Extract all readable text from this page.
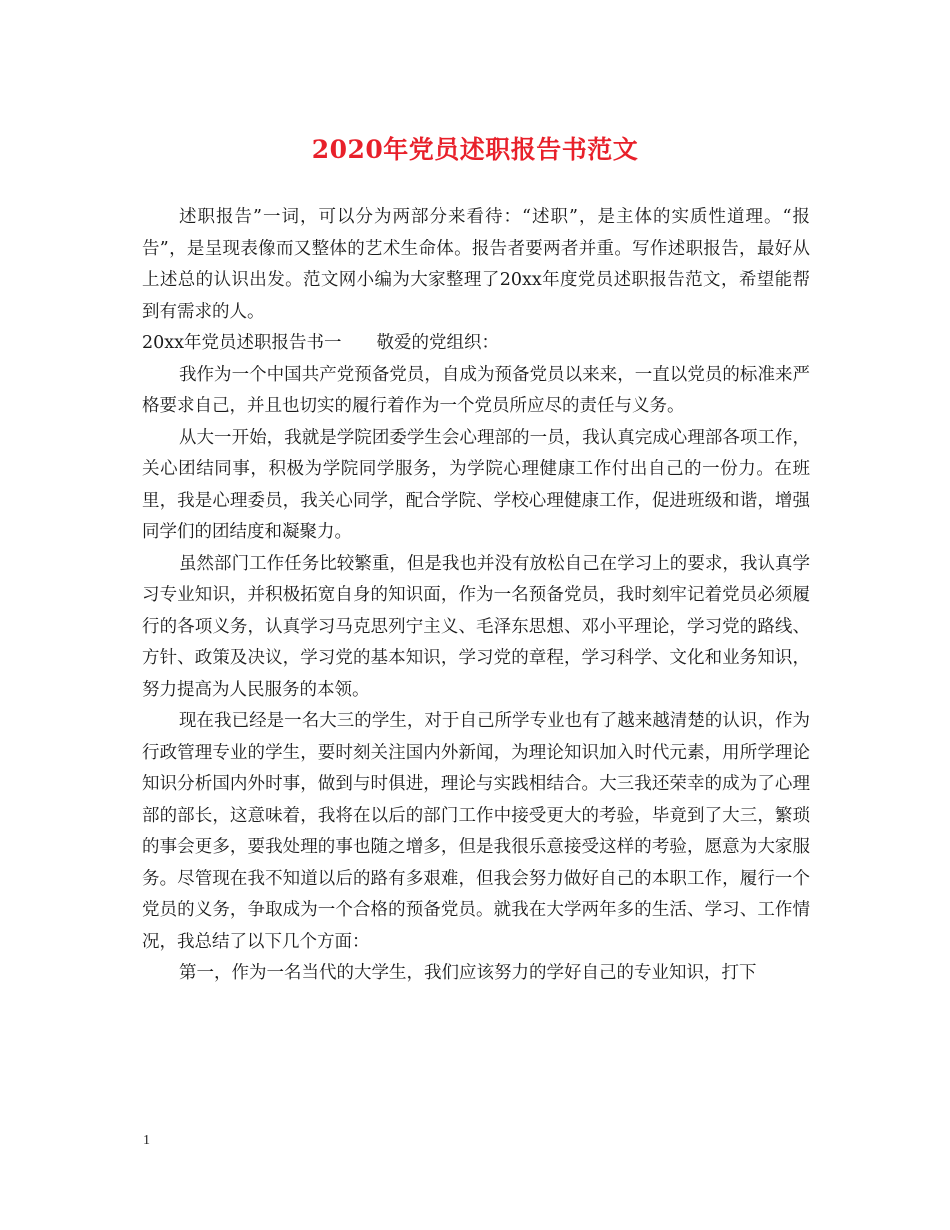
2020年党员述职报告书范文

述职报告”一词，可以分为两部分来看待：“述职”，是主体的实质性道理。“报告”，是呈现表像而又整体的艺术生命体。报告者要两者并重。写作述职报告，最好从上述总的认识出发。范文网小编为大家整理了20xx年度党员述职报告范文，希望能帮到有需求的人。

20xx年党员述职报告书一　　敬爱的党组织：

我作为一个中国共产党预备党员，自成为预备党员以来来，一直以党员的标准来严格要求自己，并且也切实的履行着作为一个党员所应尽的责任与义务。

从大一开始，我就是学院团委学生会心理部的一员，我认真完成心理部各项工作，关心团结同事，积极为学院同学服务，为学院心理健康工作付出自己的一份力。在班里，我是心理委员，我关心同学，配合学院、学校心理健康工作，促进班级和谐，增强同学们的团结度和凝聚力。

虽然部门工作任务比较繁重，但是我也并没有放松自己在学习上的要求，我认真学习专业知识，并积极拓宽自身的知识面，作为一名预备党员，我时刻牢记着党员必须履行的各项义务，认真学习马克思列宁主义、毛泽东思想、邓小平理论，学习党的路线、方针、政策及决议，学习党的基本知识，学习党的章程，学习科学、文化和业务知识，努力提高为人民服务的本领。

现在我已经是一名大三的学生，对于自己所学专业也有了越来越清楚的认识，作为行政管理专业的学生，要时刻关注国内外新闻，为理论知识加入时代元素，用所学理论知识分析国内外时事，做到与时俱进，理论与实践相结合。大三我还荣幸的成为了心理部的部长，这意味着，我将在以后的部门工作中接受更大的考验，毕竟到了大三，繁琐的事会更多，要我处理的事也随之增多，但是我很乐意接受这样的考验，愿意为大家服务。尽管现在我不知道以后的路有多艰难，但我会努力做好自己的本职工作，履行一个党员的义务，争取成为一个合格的预备党员。就我在大学两年多的生活、学习、工作情况，我总结了以下几个方面：

第一，作为一名当代的大学生，我们应该努力的学好自己的专业知识，打下

1
